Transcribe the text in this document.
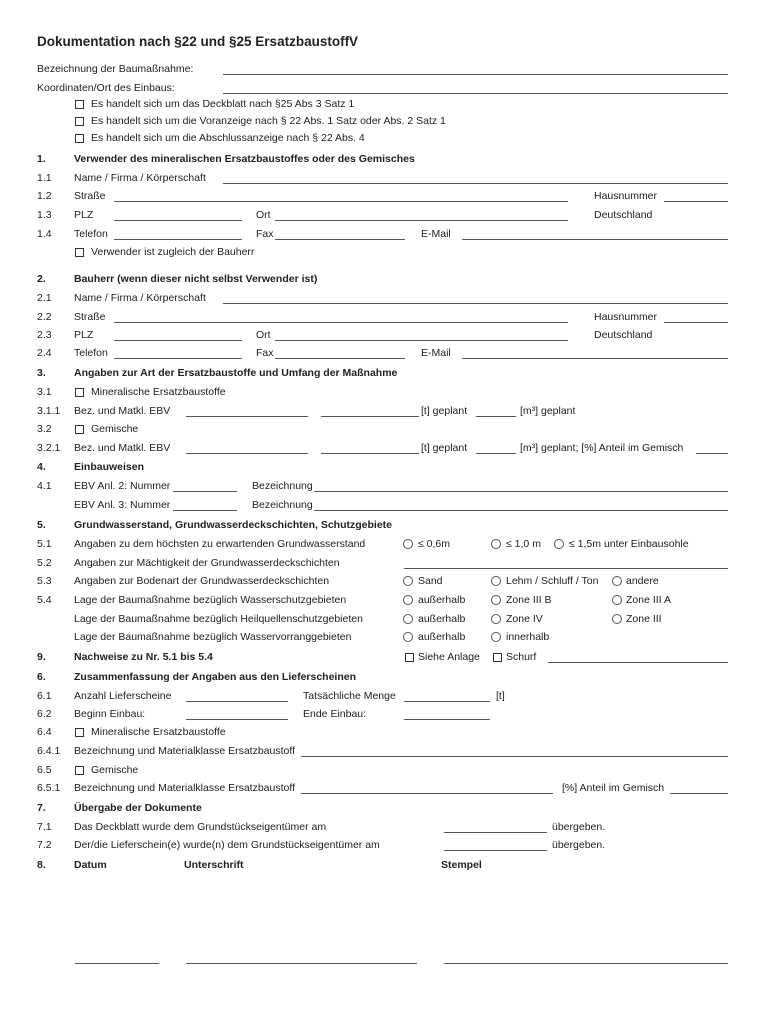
Dokumentation nach §22 und §25 ErsatzbaustoffV
Bezeichnung der Baumaßnahme:
Koordinaten/Ort des Einbaus:
Es handelt sich um das Deckblatt nach §25 Abs 3 Satz 1
Es handelt sich um die Voranzeige nach § 22 Abs. 1 Satz oder Abs. 2 Satz 1
Es handelt sich um die Abschlussanzeige nach § 22 Abs. 4
1.	Verwender des mineralischen Ersatzbaustoffes oder des Gemisches
1.1 Name / Firma / Körperschaft
1.2 Straße	Hausnummer
1.3 PLZ	Ort	Deutschland
1.4 Telefon	Fax	E-Mail
Verwender ist zugleich der Bauherr
2.	Bauherr (wenn dieser nicht selbst Verwender ist)
2.1 Name / Firma / Körperschaft
2.2 Straße	Hausnummer
2.3 PLZ	Ort	Deutschland
2.4 Telefon	Fax	E-Mail
3.	Angaben zur Art der Ersatzbaustoffe und Umfang der Maßnahme
3.1	Mineralische Ersatzbaustoffe
3.1.1 Bez. und Matkl. EBV	[t] geplant	[m³] geplant
3.2	Gemische
3.2.1 Bez. und Matkl. EBV	[t] geplant	[m³] geplant; [%] Anteil im Gemisch
4.	Einbauweisen
4.1 EBV Anl. 2: Nummer	Bezeichnung
EBV Anl. 3: Nummer	Bezeichnung
5.	Grundwasserstand, Grundwasserdeckschichten, Schutzgebiete
5.1 Angaben zu dem höchsten zu erwartenden Grundwasserstand	≤ 0,6m	≤ 1,0 m	≤ 1,5m unter Einbausohle
5.2 Angaben zur Mächtigkeit der Grundwasserdeckschichten
5.3 Angaben zur Bodenart der Grundwasserdeckschichten	Sand	Lehm / Schluff / Ton	andere
5.4 Lage der Baumaßnahme bezüglich Wasserschutzgebieten	außerhalb	Zone III B	Zone III A
Lage der Baumaßnahme bezüglich Heilquellenschutzgebieten	außerhalb	Zone IV	Zone III
Lage der Baumaßnahme bezüglich Wasservorranggebieten	außerhalb	innerhalb
9.	Nachweise zu Nr. 5.1 bis 5.4	Siehe Anlage Schurf
6.	Zusammenfassung der Angaben aus den Lieferscheinen
6.1 Anzahl Lieferscheine	Tatsächliche Menge	[t]
6.2 Beginn Einbau:	Ende Einbau:
6.4	Mineralische Ersatzbaustoffe
6.4.1 Bezeichnung und Materialklasse Ersatzbaustoff
6.5	Gemische
6.5.1 Bezeichnung und Materialklasse Ersatzbaustoff	[%] Anteil im Gemisch
7.	Übergabe der Dokumente
7.1 Das Deckblatt wurde dem Grundstückseigentümer am	übergeben.
7.2 Der/die Lieferschein(e) wurde(n) dem Grundstückseigentümer am	übergeben.
8.	Datum	Unterschrift	Stempel
